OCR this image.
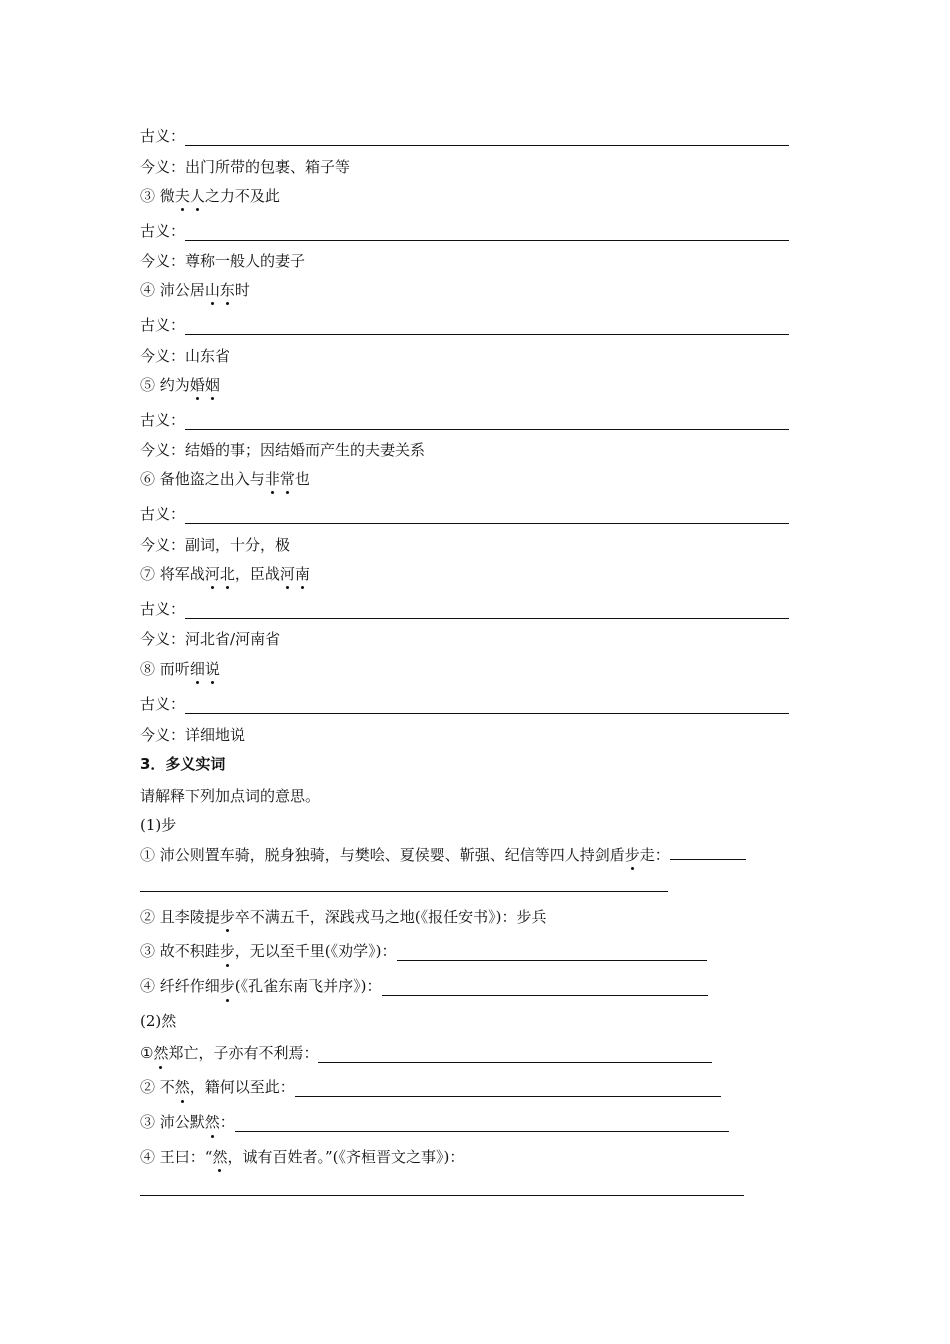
古义：
今义：出门所带的包裹、箱子等
③ 微夫人之力不及此
古义：
今义：尊称一般人的妻子
④ 沛公居山东时
古义：
今义：山东省
⑤ 约为婚姻
古义：
今义：结婚的事；因结婚而产生的夫妻关系
⑥ 备他盗之出入与非常也
古义：
今义：副词，十分，极
⑦ 将军战河北，臣战河南
古义：
今义：河北省/河南省
⑧ 而听细说
古义：
今义：详细地说
3．多义实词
请解释下列加点词的意思。
(1)步
① 沛公则置车骑，脱身独骑，与樊哙、夏侯婴、靳强、纪信等四人持剑盾步走：
② 且李陵提步卒不满五千，深践戎马之地(《报任安书》)：步兵
③ 故不积跬 步 ，无以至千里(《劝学》)：
④ 纤纤作细 步 (《孔雀东南飞并序》)：
(2)然
① 然 郑亡，子亦有不利焉：
② 不 然 ，籍何以至此：
③ 沛公默 然 ：
④ 王曰：“然，诚有百姓者。”(《齐桓晋文之事》)：
